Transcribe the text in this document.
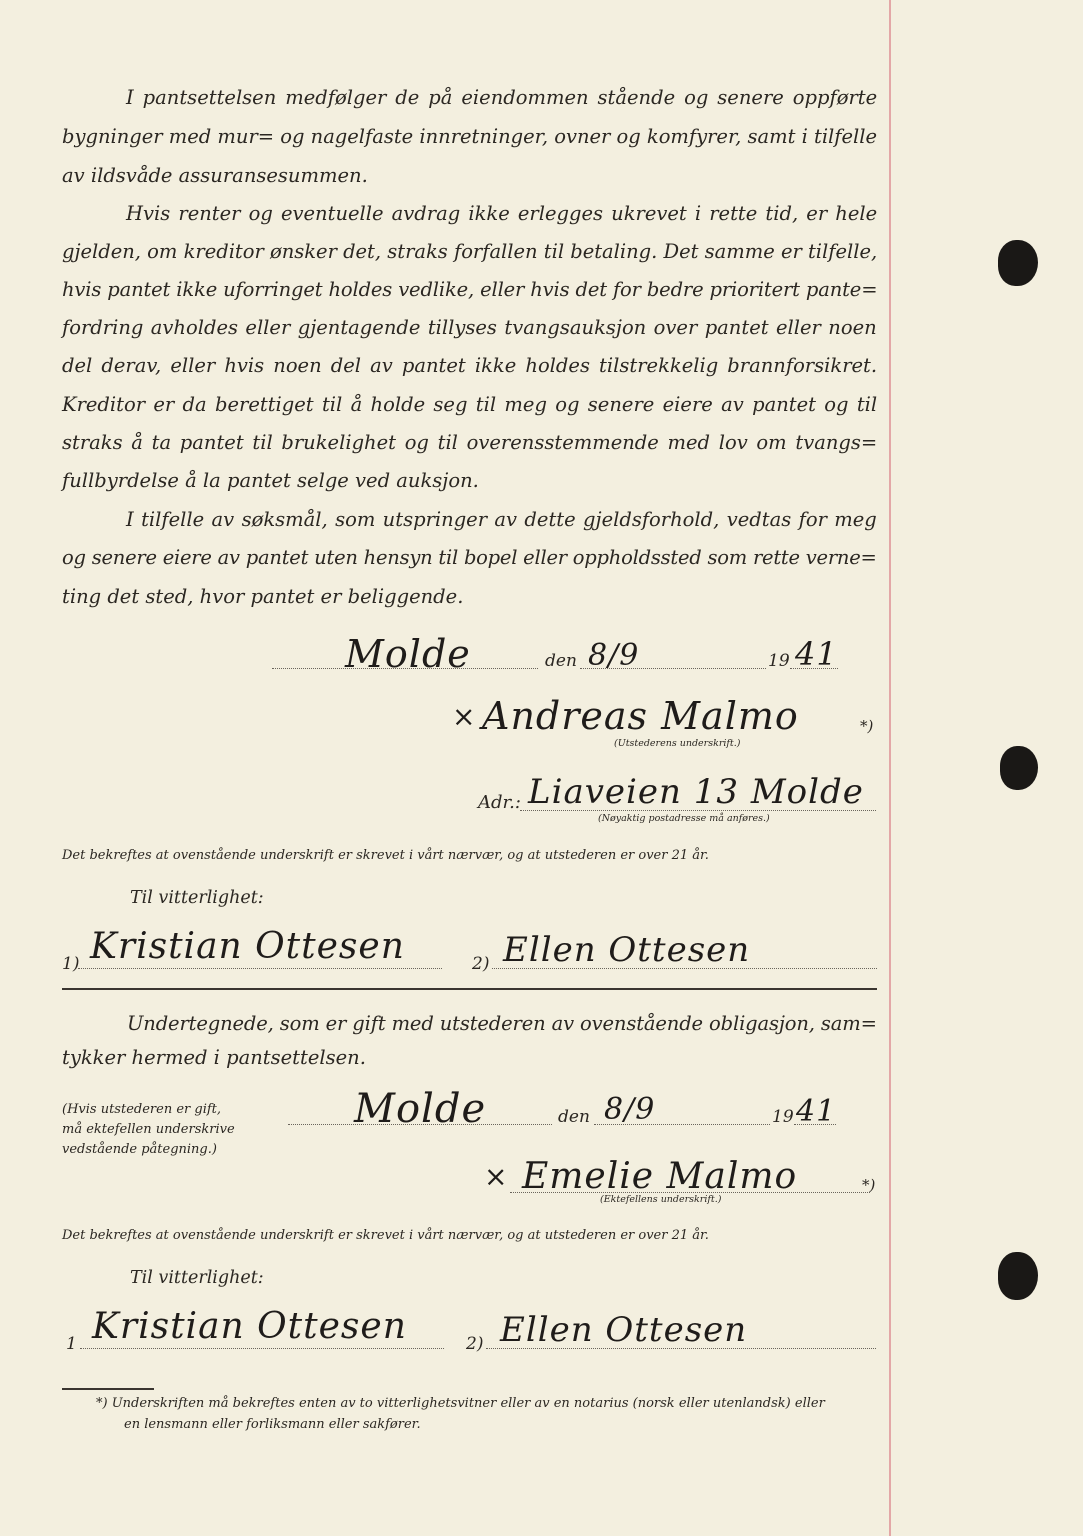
I pantsettelsen medfølger de på eiendommen stående og senere oppførte
bygninger med mur= og nagelfaste innretninger, ovner og komfyrer, samt i tilfelle
av ildsvåde assuransesummen.
Hvis renter og eventuelle avdrag ikke erlegges ukrevet i rette tid, er hele
gjelden, om kreditor ønsker det, straks forfallen til betaling. Det samme er tilfelle,
hvis pantet ikke uforringet holdes vedlike, eller hvis det for bedre prioritert pante=
fordring avholdes eller gjentagende tillyses tvangsauksjon over pantet eller noen
del derav, eller hvis noen del av pantet ikke holdes tilstrekkelig brannforsikret.
Kreditor er da berettiget til å holde seg til meg og senere eiere av pantet og til
straks å ta pantet til brukelighet og til overensstemmende med lov om tvangs=
fullbyrdelse å la pantet selge ved auksjon.
I tilfelle av søksmål, som utspringer av dette gjeldsforhold, vedtas for meg
og senere eiere av pantet uten hensyn til bopel eller oppholdssted som rette verne=
ting det sted, hvor pantet er beliggende.
Molde	den 8/9	19 41
× Andreas Malmo	*)
(Utstederens underskrift.)
Adr.: Liaveien 13 Molde
(Nøyaktig postadresse må anføres.)
Det bekreftes at ovenstående underskrift er skrevet i vårt nærvær, og at utstederen er over 21 år.
Til vitterlighet:
1) Kristian Ottesen	2) Ellen Ottesen
Undertegnede, som er gift med utstederen av ovenstående obligasjon, sam=
tykker hermed i pantsettelsen.
(Hvis utstederen er gift,
må ektefellen underskrive
vedstående påtegning.)
Molde	den 8/9	19 41
× Emelie Malmo	*)
(Ektefellens underskrift.)
Det bekreftes at ovenstående underskrift er skrevet i vårt nærvær, og at utstederen er over 21 år.
Til vitterlighet:
1 Kristian Ottesen	2) Ellen Ottesen
*) Underskriften må bekreftes enten av to vitterlighetsvitner eller av en notarius (norsk eller utenlandsk) eller
en lensmann eller forliksmann eller sakfører.
